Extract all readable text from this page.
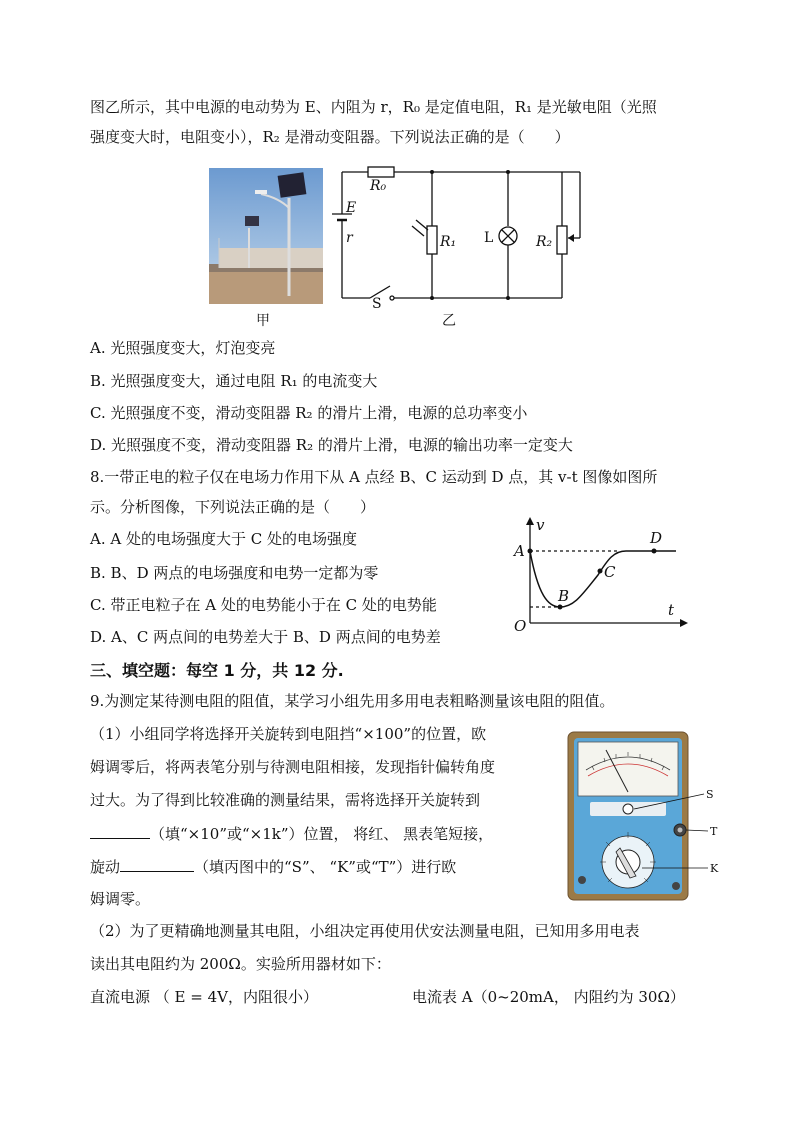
图乙所示，其中电源的电动势为 E、内阻为 r，R₀ 是定值电阻，R₁ 是光敏电阻（光照
强度变大时，电阻变小），R₂ 是滑动变阻器。下列说法正确的是（　　）
甲
R₀
E
r	R₁	R₂
L
S
乙
A. 光照强度变大，灯泡变亮
B. 光照强度变大，通过电阻 R₁ 的电流变大
C. 光照强度不变，滑动变阻器 R₂ 的滑片上滑，电源的总功率变小
D. 光照强度不变，滑动变阻器 R₂ 的滑片上滑，电源的输出功率一定变大
8.一带正电的粒子仅在电场力作用下从 A 点经 B、C 运动到 D 点，其 v-t 图像如图所
示。分析图像，下列说法正确的是（　　）
A. A 处的电场强度大于 C 处的电场强度
B. B、D 两点的电场强度和电势一定都为零
C. 带正电粒子在 A 处的电势能小于在 C 处的电势能
D. A、C 两点间的电势差大于 B、D 两点间的电势差
v
t
O
A
B
C
D
三、填空题：每空 1 分，共 12 分.
9.为测定某待测电阻的阻值，某学习小组先用多用电表粗略测量该电阻的阻值。
（1）小组同学将选择开关旋转到电阻挡“×100”的位置，欧
姆调零后，将两表笔分别与待测电阻相接，发现指针偏转角度
过大。为了得到比较准确的测量结果，需将选择开关旋转到
（填“×10”或“×1k”）位置， 将红、 黑表笔短接，
旋动	（填丙图中的“S”、 “K”或“T”）进行欧
姆调零。
S
T
K
（2）为了更精确地测量其电阻，小组决定再使用伏安法测量电阻，已知用多用电表
读出其电阻约为 200Ω。实验所用器材如下：
直流电源 （ E = 4V，内阻很小）	电流表 A（0~20mA， 内阻约为 30Ω）
